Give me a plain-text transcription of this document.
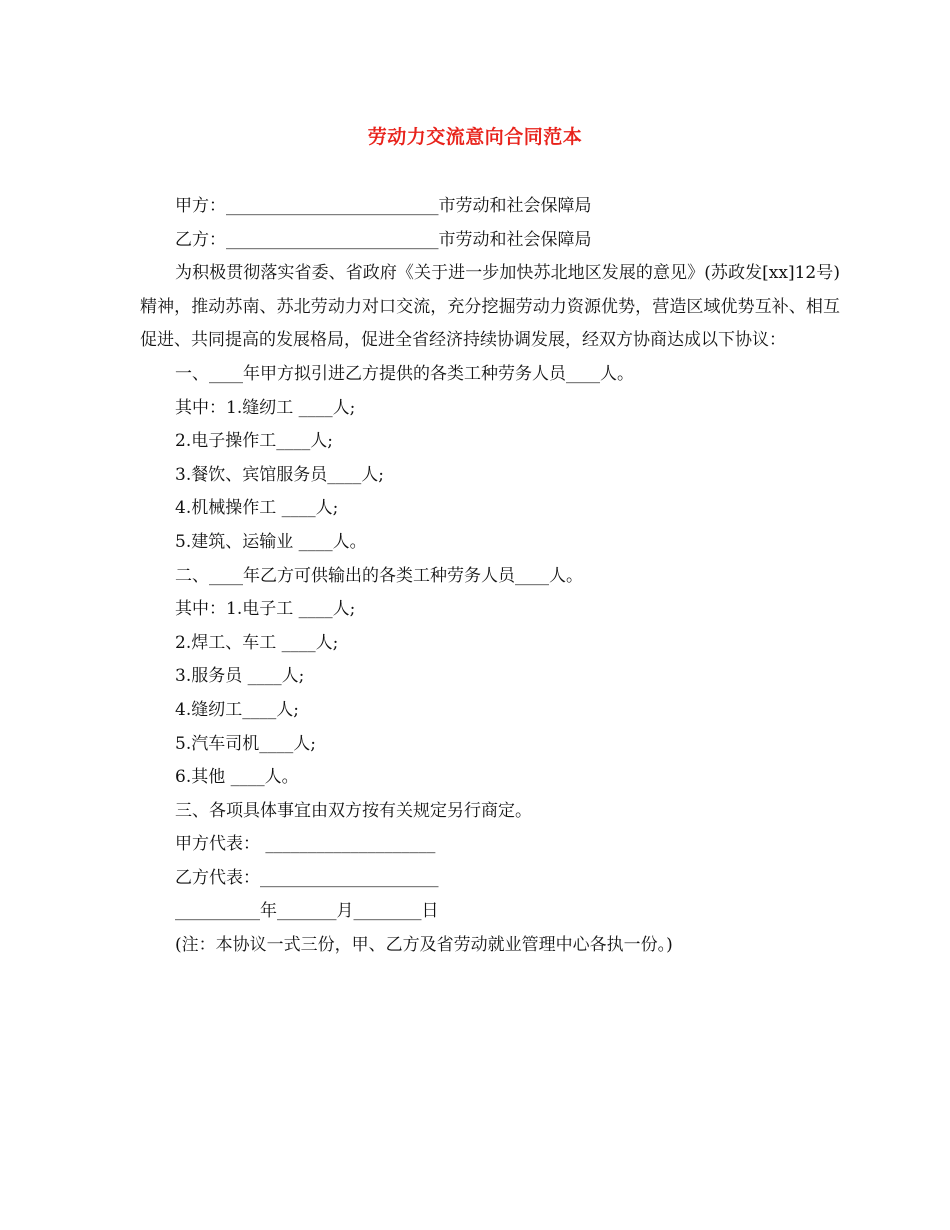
劳动力交流意向合同范本
甲方：_________________________市劳动和社会保障局
乙方：_________________________市劳动和社会保障局
为积极贯彻落实省委、省政府《关于进一步加快苏北地区发展的意见》(苏政发[xx]12号)精神，推动苏南、苏北劳动力对口交流，充分挖掘劳动力资源优势，营造区域优势互补、相互促进、共同提高的发展格局，促进全省经济持续协调发展，经双方协商达成以下协议：
一、____年甲方拟引进乙方提供的各类工种劳务人员____人。
其中：1.缝纫工 ____人;
2.电子操作工____人;
3.餐饮、宾馆服务员____人;
4.机械操作工 ____人;
5.建筑、运输业 ____人。
二、____年乙方可供输出的各类工种劳务人员____人。
其中：1.电子工 ____人;
2.焊工、车工 ____人;
3.服务员 ____人;
4.缝纫工____人;
5.汽车司机____人;
6.其他 ____人。
三、各项具体事宜由双方按有关规定另行商定。
甲方代表： ____________________
乙方代表：_____________________
__________年_______月________日
(注：本协议一式三份，甲、乙方及省劳动就业管理中心各执一份。)
